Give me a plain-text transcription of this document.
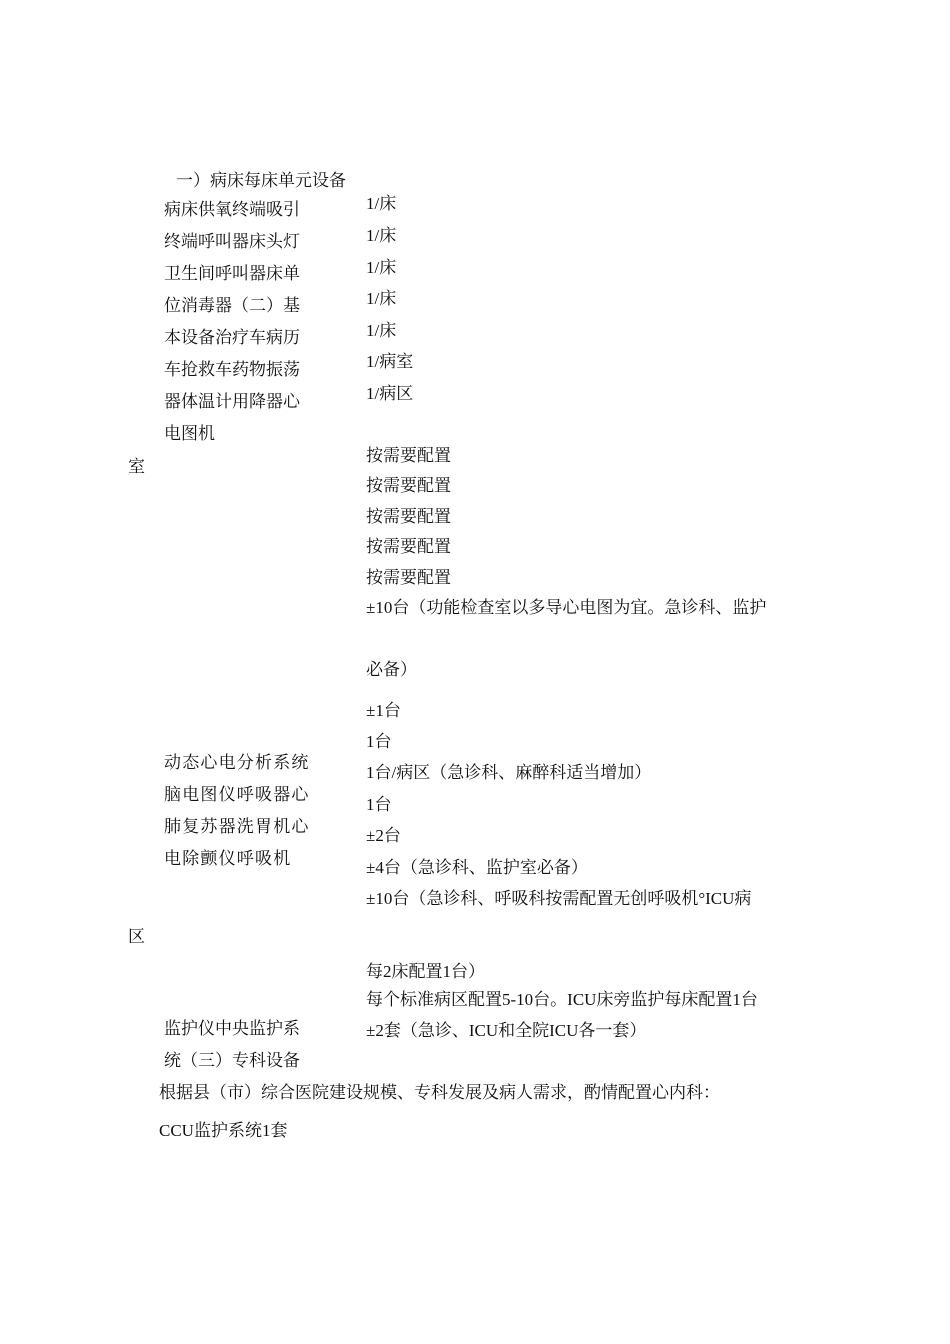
一）病床每床单元设备
病床供氧终端吸引
终端呼叫器床头灯
卫生间呼叫器床单
位消毒器（二）基
本设备治疗车病历
车抢救车药物振荡
器体温计用降器心
电图机
1/床
1/床
1/床
1/床
1/床
1/病室
1/病区
室
按需要配置
按需要配置
按需要配置
按需要配置
按需要配置
±10台（功能检查室以多导心电图为宜。急诊科、监护
必备）
±1台
1台
1台/病区（急诊科、麻醉科适当增加）
1台
±2台
±4台（急诊科、监护室必备）
±10台（急诊科、呼吸科按需配置无创呼吸机°ICU病
动态心电分析系统
脑电图仪呼吸器心
肺复苏器洗胃机心
电除颤仪呼吸机
区
每2床配置1台）
每个标准病区配置5-10台。ICU床旁监护每床配置1台
±2套（急诊、ICU和全院ICU各一套）
监护仪中央监护系
统（三）专科设备
根据县（市）综合医院建设规模、专科发展及病人需求，酌情配置心内科：
CCU监护系统1套
